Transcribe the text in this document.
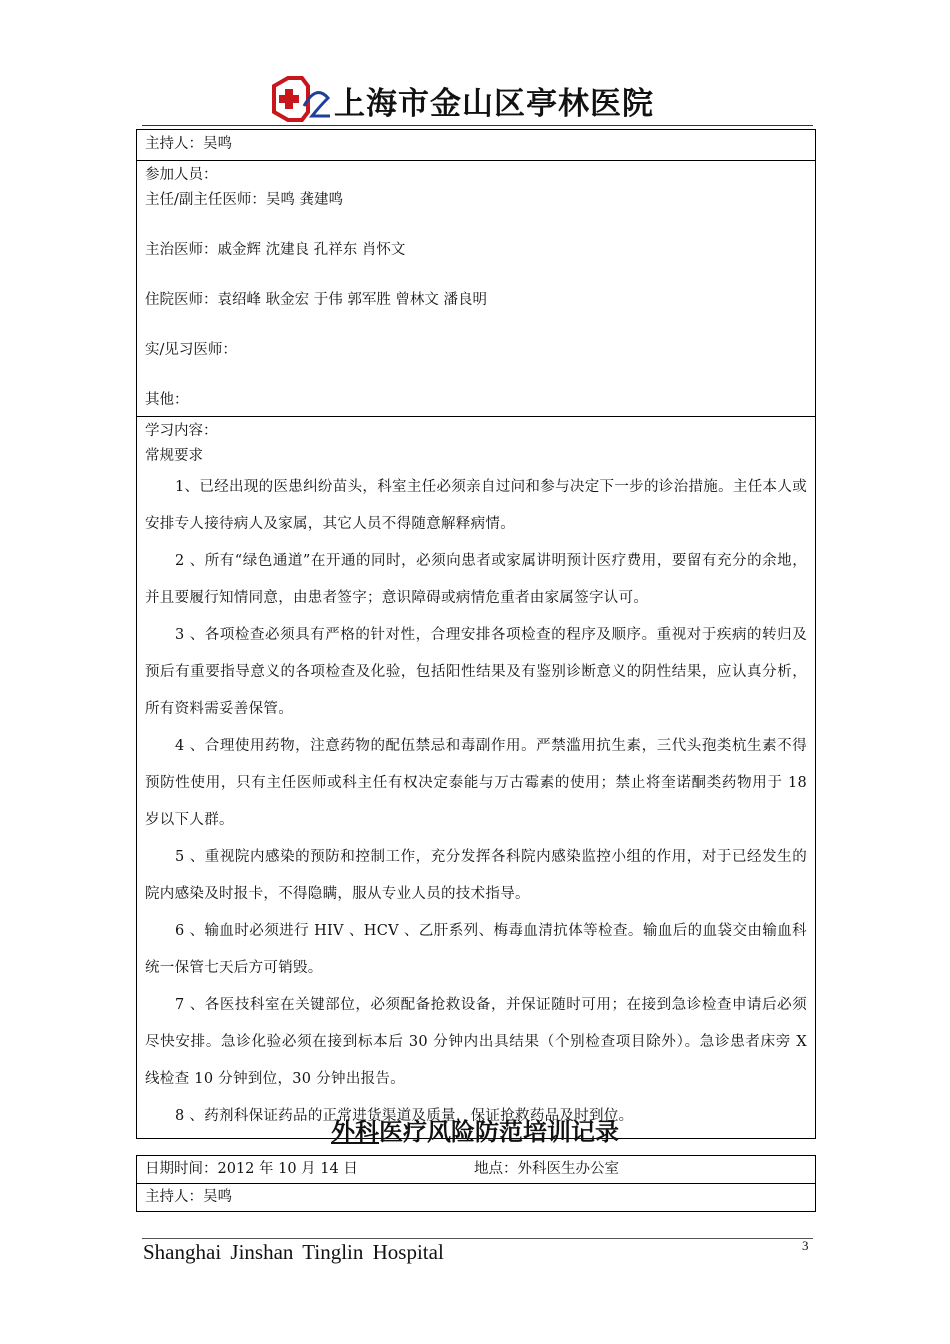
上海市金山区亭林医院
主持人：吴鸣

参加人员：
主任/副主任医师：吴鸣 龚建鸣
主治医师：戚金辉 沈建良 孔祥东 肖怀文
住院医师：袁绍峰 耿金宏 于伟 郭军胜 曾林文 潘良明
实/见习医师：
其他：

学习内容：
常规要求

1、已经出现的医患纠纷苗头，科室主任必须亲自过问和参与决定下一步的诊治措施。主任本人或安排专人接待病人及家属，其它人员不得随意解释病情。

2 、所有“绿色通道”在开通的同时，必须向患者或家属讲明预计医疗费用，要留有充分的余地，并且要履行知情同意，由患者签字；意识障碍或病情危重者由家属签字认可。

3 、各项检查必须具有严格的针对性，合理安排各项检查的程序及顺序。重视对于疾病的转归及预后有重要指导意义的各项检查及化验，包括阳性结果及有鉴别诊断意义的阴性结果，应认真分析，所有资料需妥善保管。

4 、合理使用药物，注意药物的配伍禁忌和毒副作用。严禁滥用抗生素，三代头孢类杭生素不得预防性使用，只有主任医师或科主任有权决定泰能与万古霉素的使用；禁止将奎诺酮类药物用于 18 岁以下人群。

5 、重视院内感染的预防和控制工作，充分发挥各科院内感染监控小组的作用，对于已经发生的院内感染及时报卡，不得隐瞒，服从专业人员的技术指导。

6 、输血时必须进行 HIV 、HCV 、乙肝系列、梅毒血清抗体等检查。输血后的血袋交由输血科统一保管七天后方可销毁。

7 、各医技科室在关键部位，必须配备抢救设备，并保证随时可用；在接到急诊检查申请后必须尽快安排。急诊化验必须在接到标本后 30 分钟内出具结果（个别检查项目除外）。急诊患者床旁 X 线检查 10 分钟到位，30 分钟出报告。

8 、药剂科保证药品的正常进货渠道及质量，保证抢救药品及时到位。

外科医疗风险防范培训记录
日期时间：2012 年 10 月 14 日	地点：外科医生办公室

主持人：吴鸣
Shanghai Jinshan Tinglin Hospital	3
